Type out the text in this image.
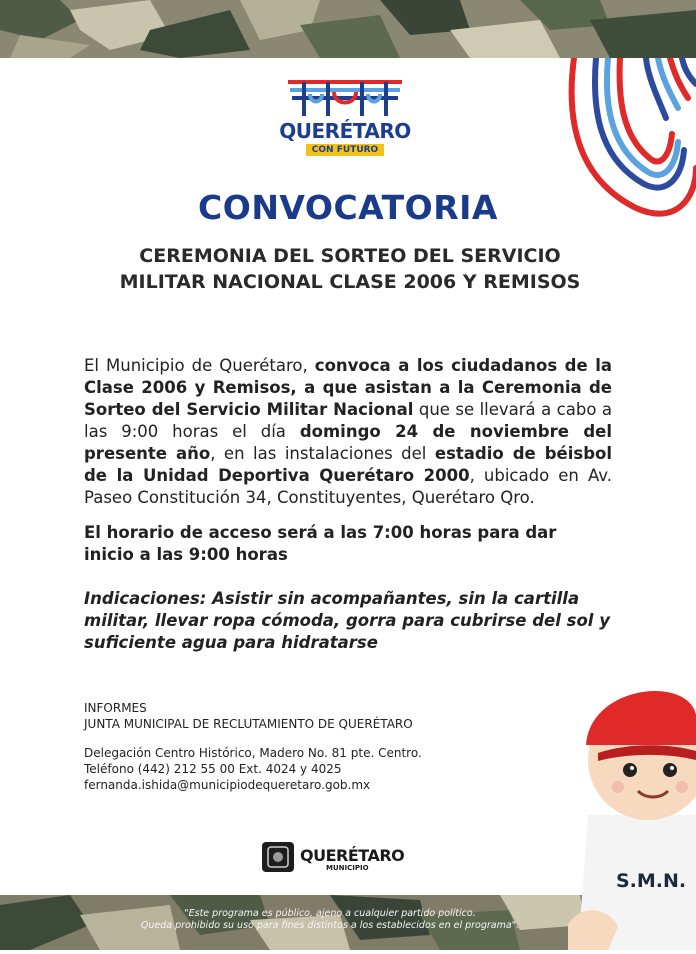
QUERÉTARO
CON FUTURO
CONVOCATORIA
CEREMONIA DEL SORTEO DEL SERVICIO
MILITAR NACIONAL CLASE 2006 Y REMISOS
El Municipio de Querétaro, convoca a los ciudadanos de la Clase 2006 y Remisos, a que asistan a la Ceremonia de Sorteo del Servicio Militar Nacional que se llevará a cabo a las 9:00 horas el día domingo 24 de noviembre del presente año, en las instalaciones del estadio de béisbol de la Unidad Deportiva Querétaro 2000, ubicado en Av. Paseo Constitución 34, Constituyentes, Querétaro Qro.
El horario de acceso será a las 7:00 horas para dar inicio a las 9:00 horas
Indicaciones: Asistir sin acompañantes, sin la cartilla militar, llevar ropa cómoda, gorra para cubrirse del sol y suficiente agua para hidratarse
INFORMES
JUNTA MUNICIPAL DE RECLUTAMIENTO DE QUERÉTARO
Delegación Centro Histórico, Madero No. 81 pte. Centro.
Teléfono (442) 212 55 00 Ext. 4024 y 4025
fernanda.ishida@municipiodequeretaro.gob.mx
QUERÉTARO
MUNICIPIO
"Este programa es público, ajeno a cualquier partido político.
Queda prohibido su uso para fines distintos a los establecidos en el programa".
S.M.N.
